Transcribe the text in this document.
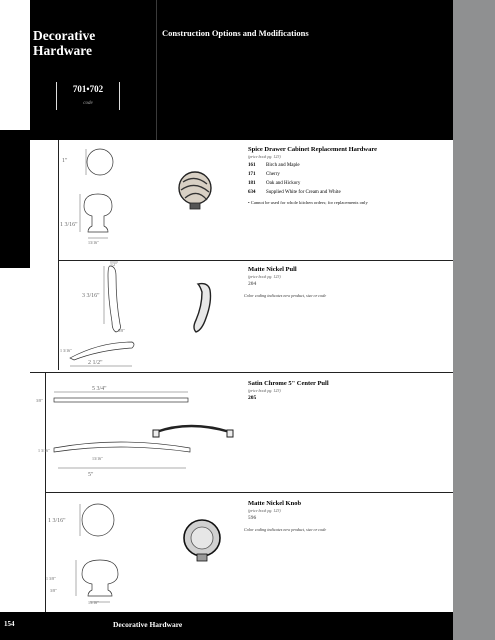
Decorative Hardware
Construction Options and Modifications
701•702
code
Decorative Enhancements
Spice Drawer Cabinet Replacement Hardware
(price book pg. 123)
161 Birch and Maple
171 Cherry
181 Oak and Hickory
634 Supplied White for Cream and White
• Cannot be used for whole kitchen orders; for replacements only
1"
1 3/16"
13/16"
Matte Nickel Pull
(price book pg. 123)
204
Color coding indicates new product, size or code
3 3/16"
1/2"
5/8"
1 3/16"
2 1/2"
Satin Chrome 5" Center Pull
(price book pg. 123)
205
5 3/4"
3/8"
1 3/16"
13/16"
5"
Matte Nickel Knob
(price book pg. 123)
596
Color coding indicates new product, size or code
1 3/16"
1 3/8"
3/8"
13/16"
154	Decorative Hardware
